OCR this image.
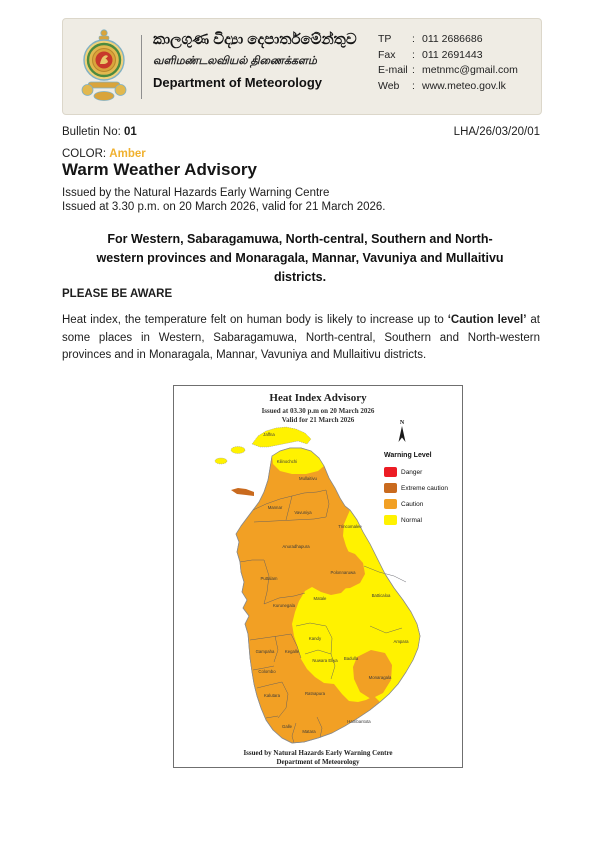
කාලගුණ විද්‍යා දෙපාර්තමේන්තුව
வளிமண்டலவியல் திணைக்களம்
Department of Meteorology
TP	: 011 2686686
Fax	: 011 2691443
E-mail : metnmc@gmail.com
Web	: www.meteo.gov.lk
Bulletin No: 01	LHA/26/03/20/01
COLOR: Amber
Warm Weather Advisory
Issued by the Natural Hazards Early Warning Centre
Issued at 3.30 p.m. on 20 March 2026, valid for 21 March 2026.
For Western, Sabaragamuwa, North-central, Southern and North-western provinces and Monaragala, Mannar, Vavuniya and Mullaitivu districts.
PLEASE BE AWARE
Heat index, the temperature felt on human body is likely to increase up to ‘Caution level’ at some places in Western, Sabaragamuwa, North-central, Southern and North-western provinces and in Monaragala, Mannar, Vavuniya and Mullaitivu districts.
Jaffna
Kilinochchi
Mullaitivu
Mannar
Vavuniya
Trincomalee
Anuradhapura
Polonnaruwa
Puttalam
Batticaloa
Matale
Kurunegala
Kandy
Ampara
Gampaha Kegalle
Badulla
Nuwara Eliya
Colombo
Monaragala
Ratnapura
Kalutara
Hambantota
Galle
Matara
Heat Index Advisory
Issued at 03.30 p.m on 20 March 2026
Valid for 21 March 2026	N
Warning Level
Danger
Extreme caution
Caution
Normal
Issued by Natural Hazards Early Warning Centre
Department of Meteorology
